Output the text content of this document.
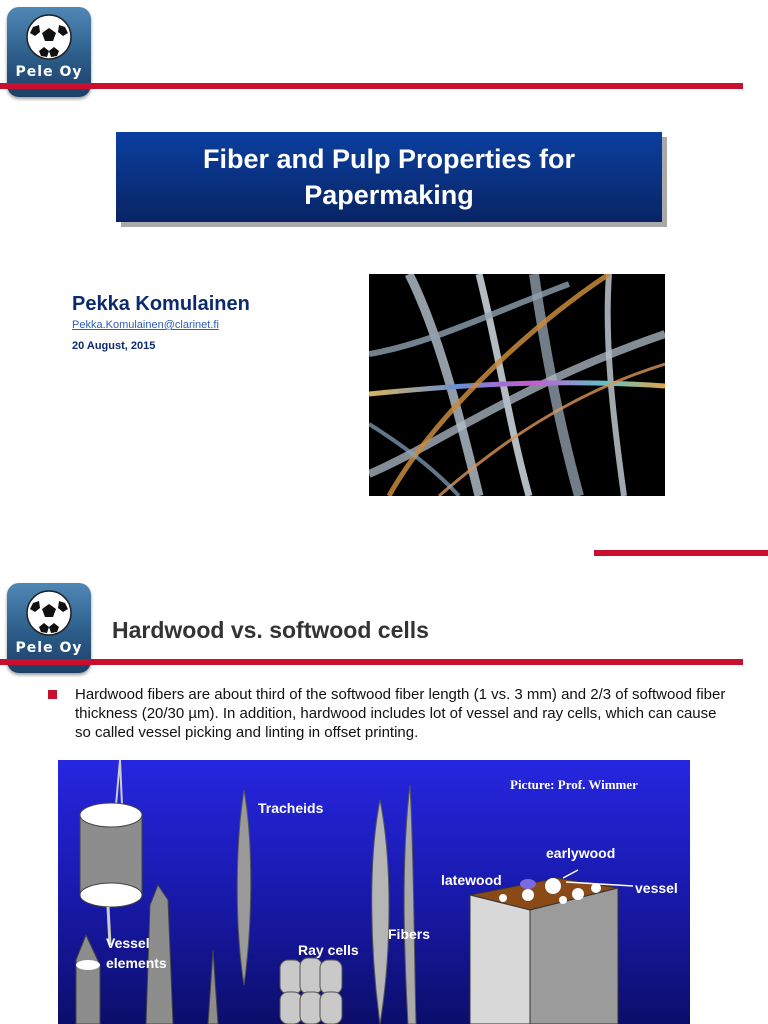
Pele Oy
Fiber and Pulp Properties for Papermaking
Pekka Komulainen
Pekka.Komulainen@clarinet.fi
20 August, 2015
Pele Oy
Hardwood vs. softwood cells
Hardwood fibers are about third of the softwood fiber length (1 vs. 3 mm) and 2/3 of softwood fiber thickness (20/30 µm). In addition, hardwood includes lot of vessel and ray cells, which can cause so called vessel picking and linting in offset printing.
Picture: Prof. Wimmer
Tracheids
Vessel
elements
Ray cells
Fibers
earlywood
latewood	vessel
